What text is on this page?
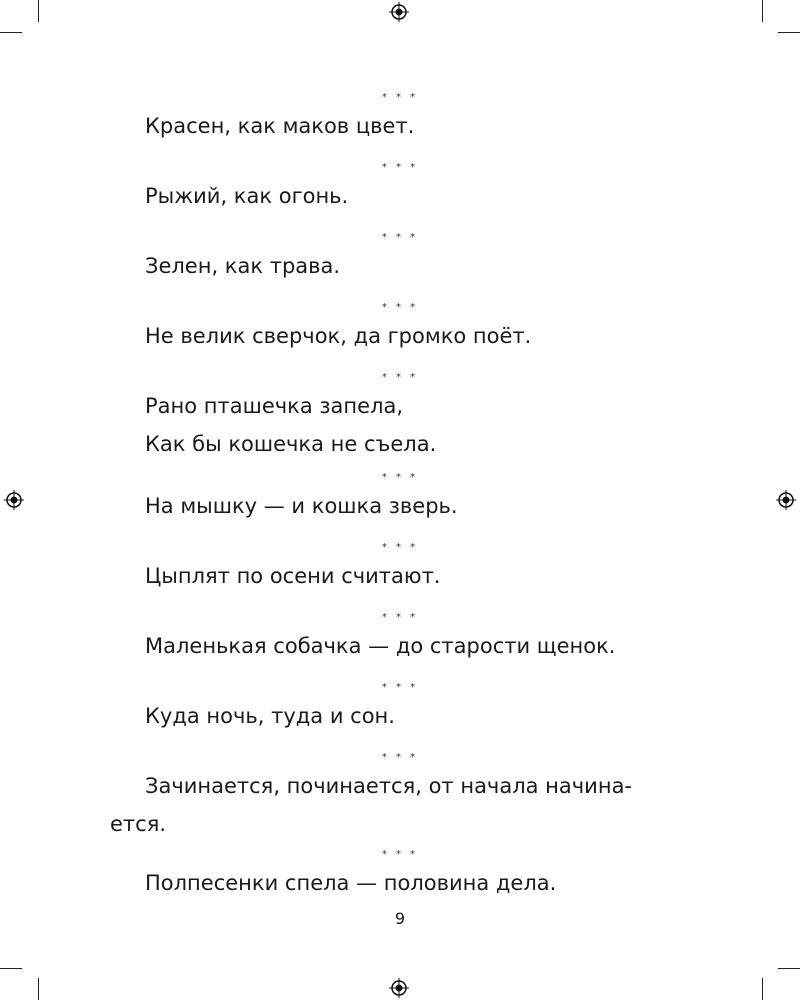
* * *
Красен, как маков цвет.
* * *
Рыжий, как огонь.
* * *
Зелен, как трава.
* * *
Не велик сверчок, да громко поёт.
* * *
Рано пташечка запела,
Как бы кошечка не съела.
* * *
На мышку — и кошка зверь.
* * *
Цыплят по осени считают.
* * *
Маленькая собачка — до старости щенок.
* * *
Куда ночь, туда и сон.
* * *
Зачинается, починается, от начала начина-
ется.
* * *
Полпесенки спела — половина дела.
9
